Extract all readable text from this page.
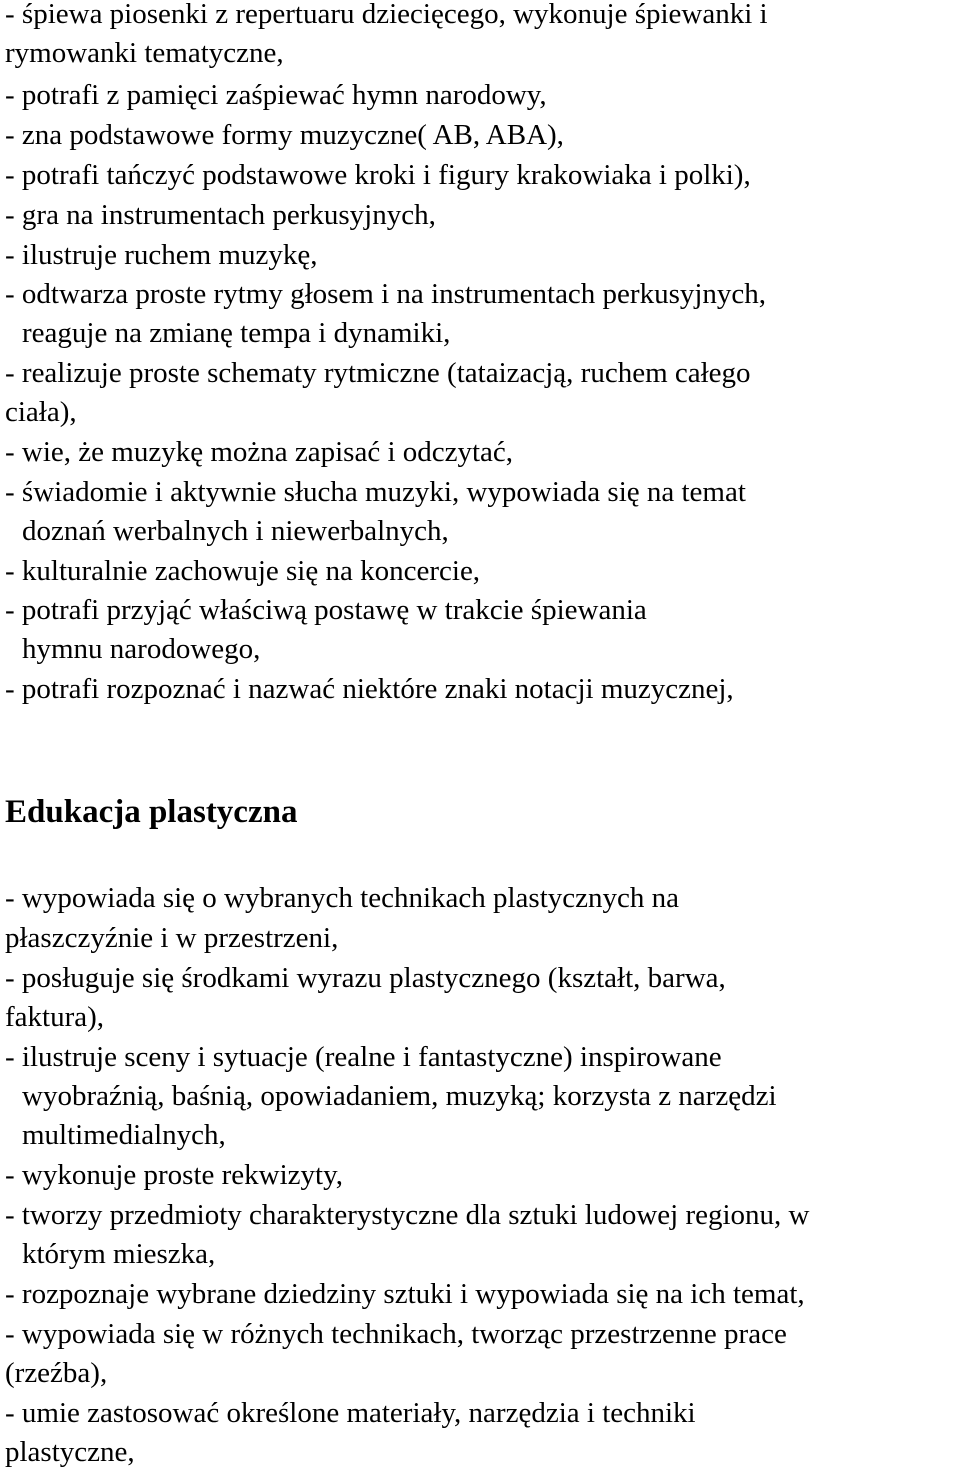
- śpiewa piosenki z repertuaru dziecięcego, wykonuje śpiewanki i

rymowanki tematyczne,

- potrafi z pamięci zaśpiewać hymn narodowy,

- zna podstawowe formy muzyczne( AB, ABA),

- potrafi tańczyć podstawowe kroki i figury krakowiaka i polki),

- gra na instrumentach perkusyjnych,

- ilustruje ruchem muzykę,

- odtwarza proste rytmy głosem i na instrumentach perkusyjnych,

reaguje na zmianę tempa i dynamiki,

- realizuje proste schematy rytmiczne (tataizacją, ruchem całego

ciała),

- wie, że muzykę można zapisać i odczytać,

- świadomie i aktywnie słucha muzyki, wypowiada się na temat

doznań werbalnych i niewerbalnych,

- kulturalnie zachowuje się na koncercie,

- potrafi przyjąć właściwą postawę w trakcie śpiewania

hymnu narodowego,

- potrafi rozpoznać i nazwać niektóre znaki notacji muzycznej,

Edukacja plastyczna

- wypowiada się o wybranych technikach plastycznych na

płaszczyźnie i w przestrzeni,

- posługuje się środkami wyrazu plastycznego (kształt, barwa,

faktura),

- ilustruje sceny i sytuacje (realne i fantastyczne) inspirowane

wyobraźnią, baśnią, opowiadaniem, muzyką; korzysta z narzędzi

multimedialnych,

- wykonuje proste rekwizyty,

- tworzy przedmioty charakterystyczne dla sztuki ludowej regionu, w

którym mieszka,

- rozpoznaje wybrane dziedziny sztuki i wypowiada się na ich temat,

- wypowiada się w różnych technikach, tworząc przestrzenne prace

(rzeźba),

- umie zastosować określone materiały, narzędzia i techniki

plastyczne,
